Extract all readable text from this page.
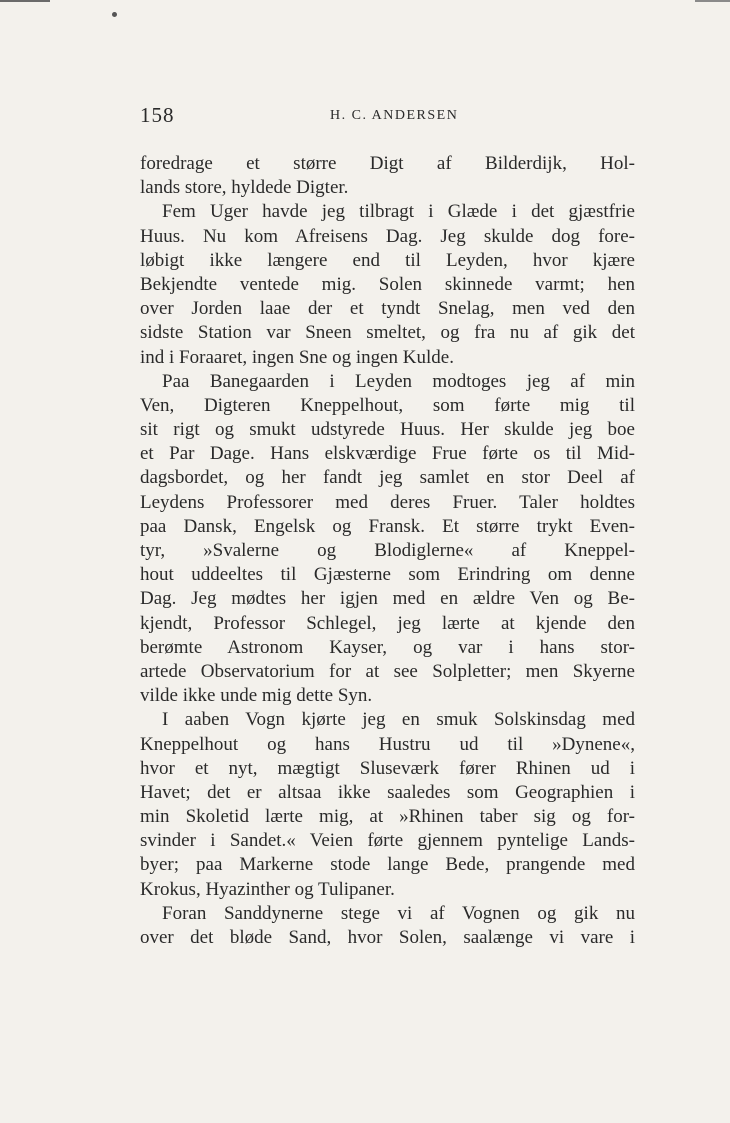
158	H. C. ANDERSEN
foredrage et større Digt af Bilderdijk, Hol-
lands store, hyldede Digter.
Fem Uger havde jeg tilbragt i Glæde i det gjæstfrie
Huus. Nu kom Afreisens Dag. Jeg skulde dog fore-
løbigt ikke længere end til Leyden, hvor kjære
Bekjendte ventede mig. Solen skinnede varmt; hen
over Jorden laae der et tyndt Snelag, men ved den
sidste Station var Sneen smeltet, og fra nu af gik det
ind i Foraaret, ingen Sne og ingen Kulde.
Paa Banegaarden i Leyden modtoges jeg af min
Ven, Digteren Kneppelhout, som førte mig til
sit rigt og smukt udstyrede Huus. Her skulde jeg boe
et Par Dage. Hans elskværdige Frue førte os til Mid-
dagsbordet, og her fandt jeg samlet en stor Deel af
Leydens Professorer med deres Fruer. Taler holdtes
paa Dansk, Engelsk og Fransk. Et større trykt Even-
tyr, »Svalerne og Blodiglerne« af Kneppel-
hout uddeeltes til Gjæsterne som Erindring om denne
Dag. Jeg mødtes her igjen med en ældre Ven og Be-
kjendt, Professor Schlegel, jeg lærte at kjende den
berømte Astronom Kayser, og var i hans stor-
artede Observatorium for at see Solpletter; men Skyerne
vilde ikke unde mig dette Syn.
I aaben Vogn kjørte jeg en smuk Solskinsdag med
Kneppelhout og hans Hustru ud til »Dynene«,
hvor et nyt, mægtigt Sluseværk fører Rhinen ud i
Havet; det er altsaa ikke saaledes som Geographien i
min Skoletid lærte mig, at »Rhinen taber sig og for-
svinder i Sandet.« Veien førte gjennem pyntelige Lands-
byer; paa Markerne stode lange Bede, prangende med
Krokus, Hyazinther og Tulipaner.
Foran Sanddynerne stege vi af Vognen og gik nu
over det bløde Sand, hvor Solen, saalænge vi vare i
